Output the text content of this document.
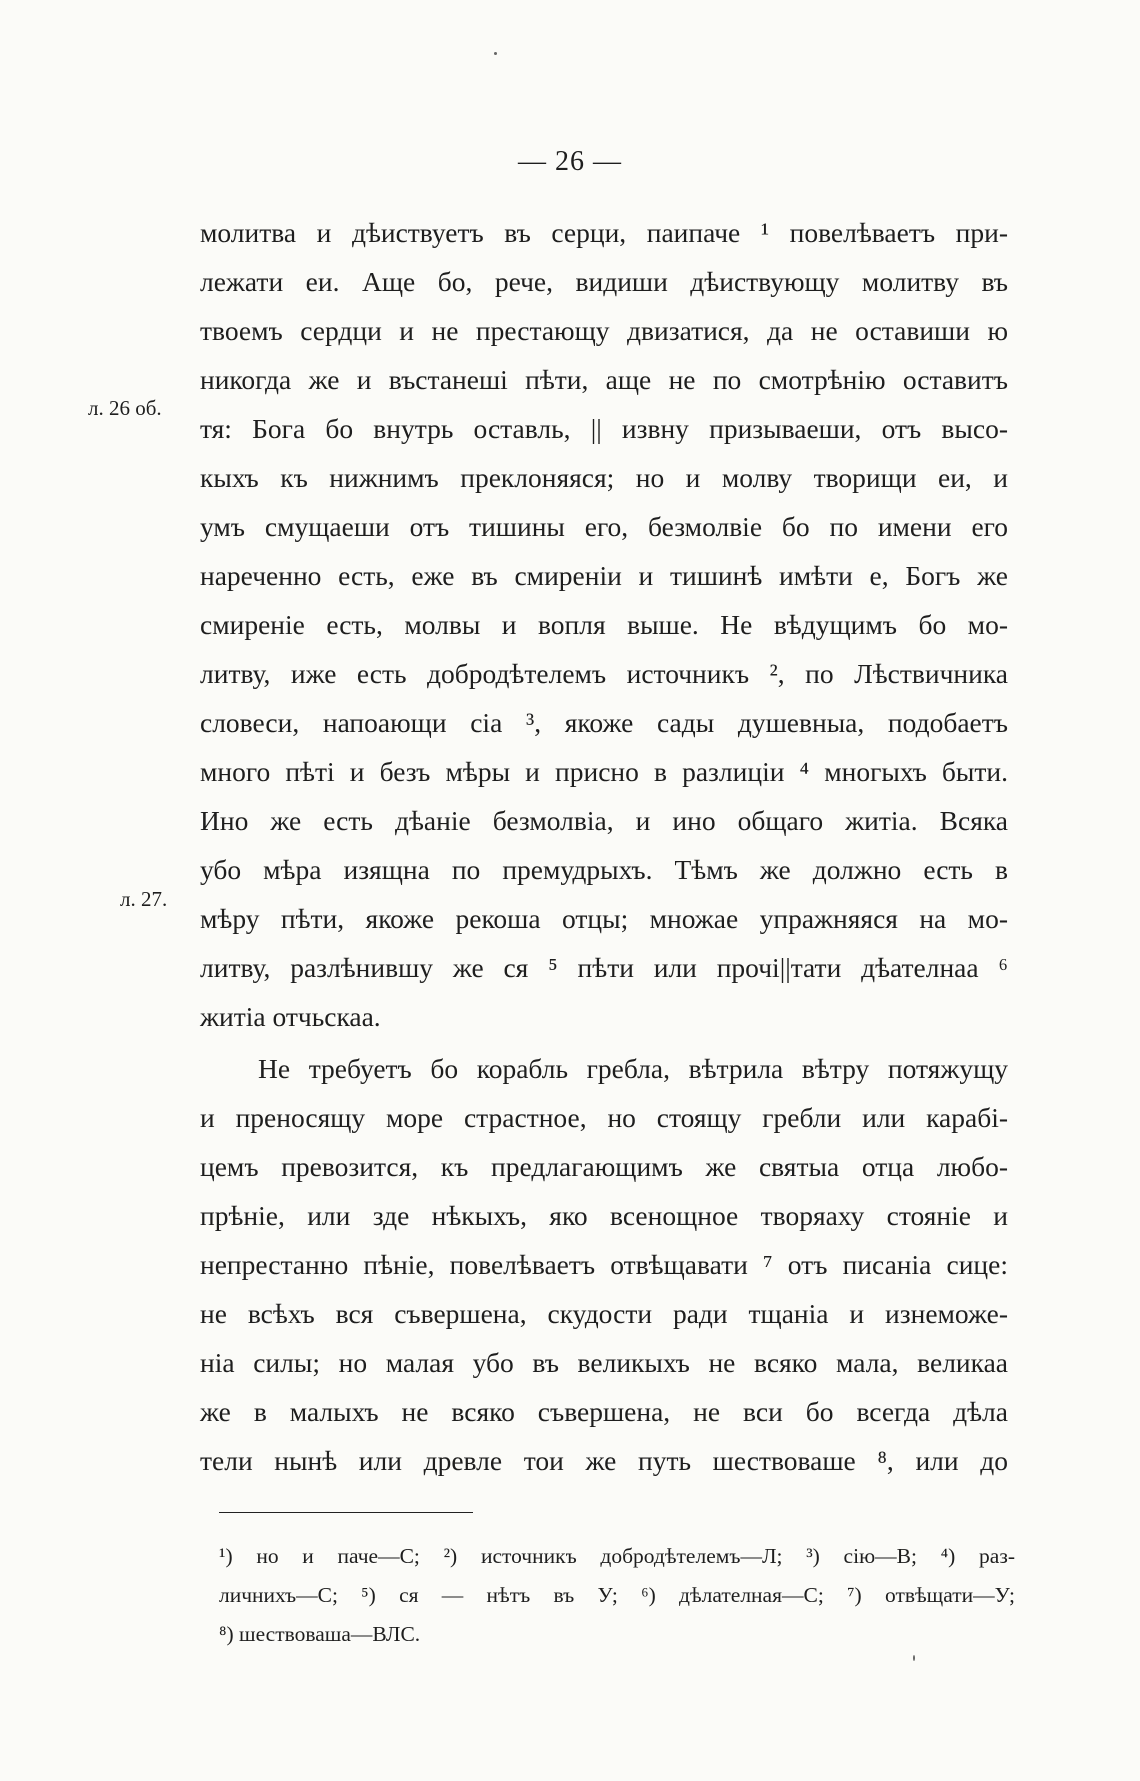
— 26 —
л. 26 об.
л. 27.
молитва и дѣиствуетъ въ серци, паипаче ¹ повелѣваетъ при-
лежати еи. Аще бо, рече, видиши дѣиствующу молитву въ
твоемъ сердци и не престающу двизатися, да не оставиши ю
никогда же и въстанеші пѣти, аще не по смотрѣнію оставитъ
тя: Бога бо внутрь оставль, || извну призываеши, отъ высо-
кыхъ къ нижнимъ преклоняяся; но и молву творищи еи, и
умъ смущаеши отъ тишины его, безмолвіе бо по имени его
нареченно есть, еже въ смиреніи и тишинѣ имѣти е, Богъ же
смиреніе есть, молвы и вопля выше. Не вѣдущимъ бо мо-
литву, иже есть добродѣтелемъ источникъ ², по Лѣствичника
словеси, напоающи сіа ³, якоже сады душевныа, подобаетъ
много пѣті и безъ мѣры и присно в разлиціи ⁴ многыхъ быти.
Ино же есть дѣаніе безмолвіа, и ино общаго житіа. Всяка
убо мѣра изящна по премудрыхъ. Тѣмъ же должно есть в
мѣру пѣти, якоже рекоша отцы; множае упражняяся на мо-
литву, разлѣнившу же ся ⁵ пѣти или прочі||тати дѣателнаа ⁶
житіа отчьскаа.
Не требуетъ бо корабль гребла, вѣтрила вѣтру потяжущу
и преносящу море страстное, но стоящу гребли или карабі-
цемъ превозится, къ предлагающимъ же святыа отца любо-
прѣнiе, или зде нѣкыхъ, яко всенощное творяаху стояніе и
непрестанно пѣніе, повелѣваетъ отвѣщавати ⁷ отъ писаніа сице:
не всѣхъ вся съвершена, скудости ради тщаніа и изнеможе-
ніа силы; но малая убо въ великыхъ не всяко мала, великаа
же в малыхъ не всяко съвершена, не вси бо всегда дѣла
тели нынѣ или древле тои же путь шествоваше ⁸, или до
¹) но и паче—С; ²) источникъ добродѣтелемъ—Л; ³) сію—В; ⁴) раз-
личнихъ—С; ⁵) ся — нѣтъ въ У; ⁶) дѣлателная—С; ⁷) отвѣщати—У;
⁸) шествоваша—ВЛС.
